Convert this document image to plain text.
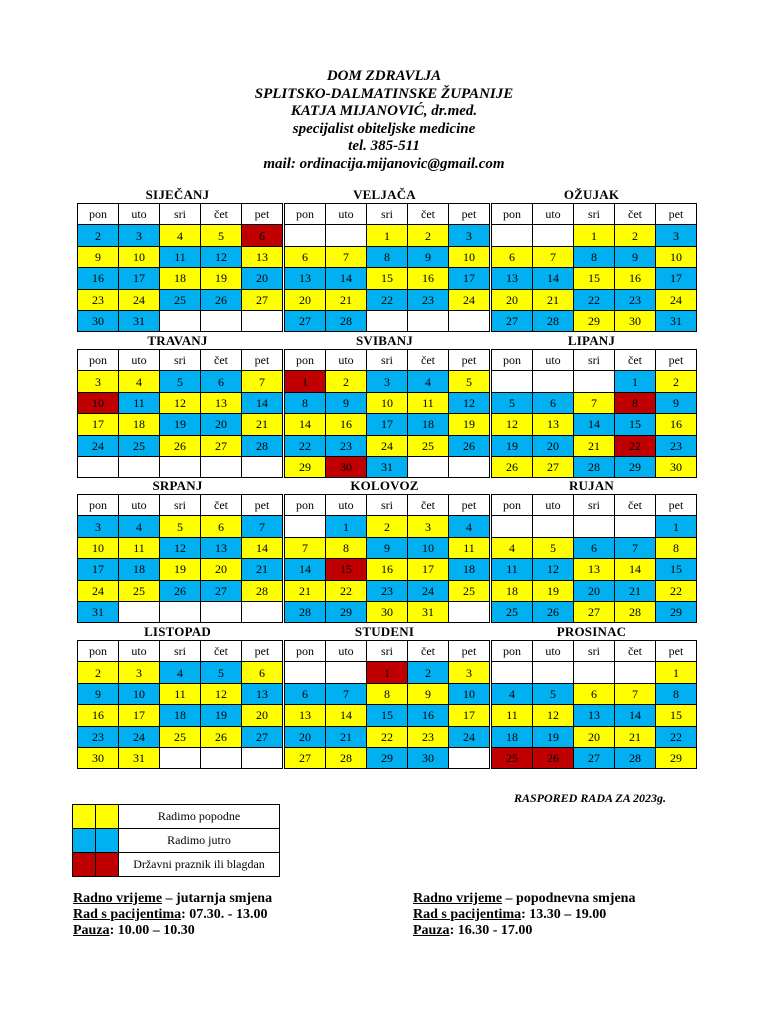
DOM ZDRAVLJA
SPLITSKO-DALMATINSKE ŽUPANIJE
KATJA MIJANOVIĆ, dr.med.
specijalist obiteljske medicine
tel. 385-511
mail: ordinacija.mijanovic@gmail.com
SIJEČANJ
pon	uto	sri	čet	pet
2	3	4	5	6
9	10	11	12	13
16	17	18	19	20
23	24	25	26	27
30	31			
VELJAČA
pon	uto	sri	čet	pet
		1	2	3
6	7	8	9	10
13	14	15	16	17
20	21	22	23	24
27	28			
OŽUJAK
pon	uto	sri	čet	pet
		1	2	3
6	7	8	9	10
13	14	15	16	17
20	21	22	23	24
27	28	29	30	31
TRAVANJ
pon	uto	sri	čet	pet
3	4	5	6	7
10	11	12	13	14
17	18	19	20	21
24	25	26	27	28

SVIBANJ
pon	uto	sri	čet	pet
1	2	3	4	5
8	9	10	11	12
14	16	17	18	19
22	23	24	25	26
29	30	31		
LIPANJ
pon	uto	sri	čet	pet
			1	2
5	6	7	8	9
12	13	14	15	16
19	20	21	22	23
26	27	28	29	30
SRPANJ
pon	uto	sri	čet	pet
3	4	5	6	7
10	11	12	13	14
17	18	19	20	21
24	25	26	27	28
31				
KOLOVOZ
pon	uto	sri	čet	pet
	1	2	3	4
7	8	9	10	11
14	15	16	17	18
21	22	23	24	25
28	29	30	31	
RUJAN
pon	uto	sri	čet	pet
				1
4	5	6	7	8
11	12	13	14	15
18	19	20	21	22
25	26	27	28	29
LISTOPAD
pon	uto	sri	čet	pet
2	3	4	5	6
9	10	11	12	13
16	17	18	19	20
23	24	25	26	27
30	31			
STUDENI
pon	uto	sri	čet	pet
		1	2	3
6	7	8	9	10
13	14	15	16	17
20	21	22	23	24
27	28	29	30	
PROSINAC
pon	uto	sri	čet	pet
				1
4	5	6	7	8
11	12	13	14	15
18	19	20	21	22
25	26	27	28	29
RASPORED RADA ZA 2023g.
		Radimo popodne
		Radimo jutro
		Državni praznik ili blagdan
Radno vrijeme – jutarnja smjena
Rad s pacijentima: 07.30. - 13.00
Pauza: 10.00 – 10.30
Radno vrijeme – popodnevna smjena
Rad s pacijentima: 13.30 – 19.00
Pauza: 16.30 - 17.00
